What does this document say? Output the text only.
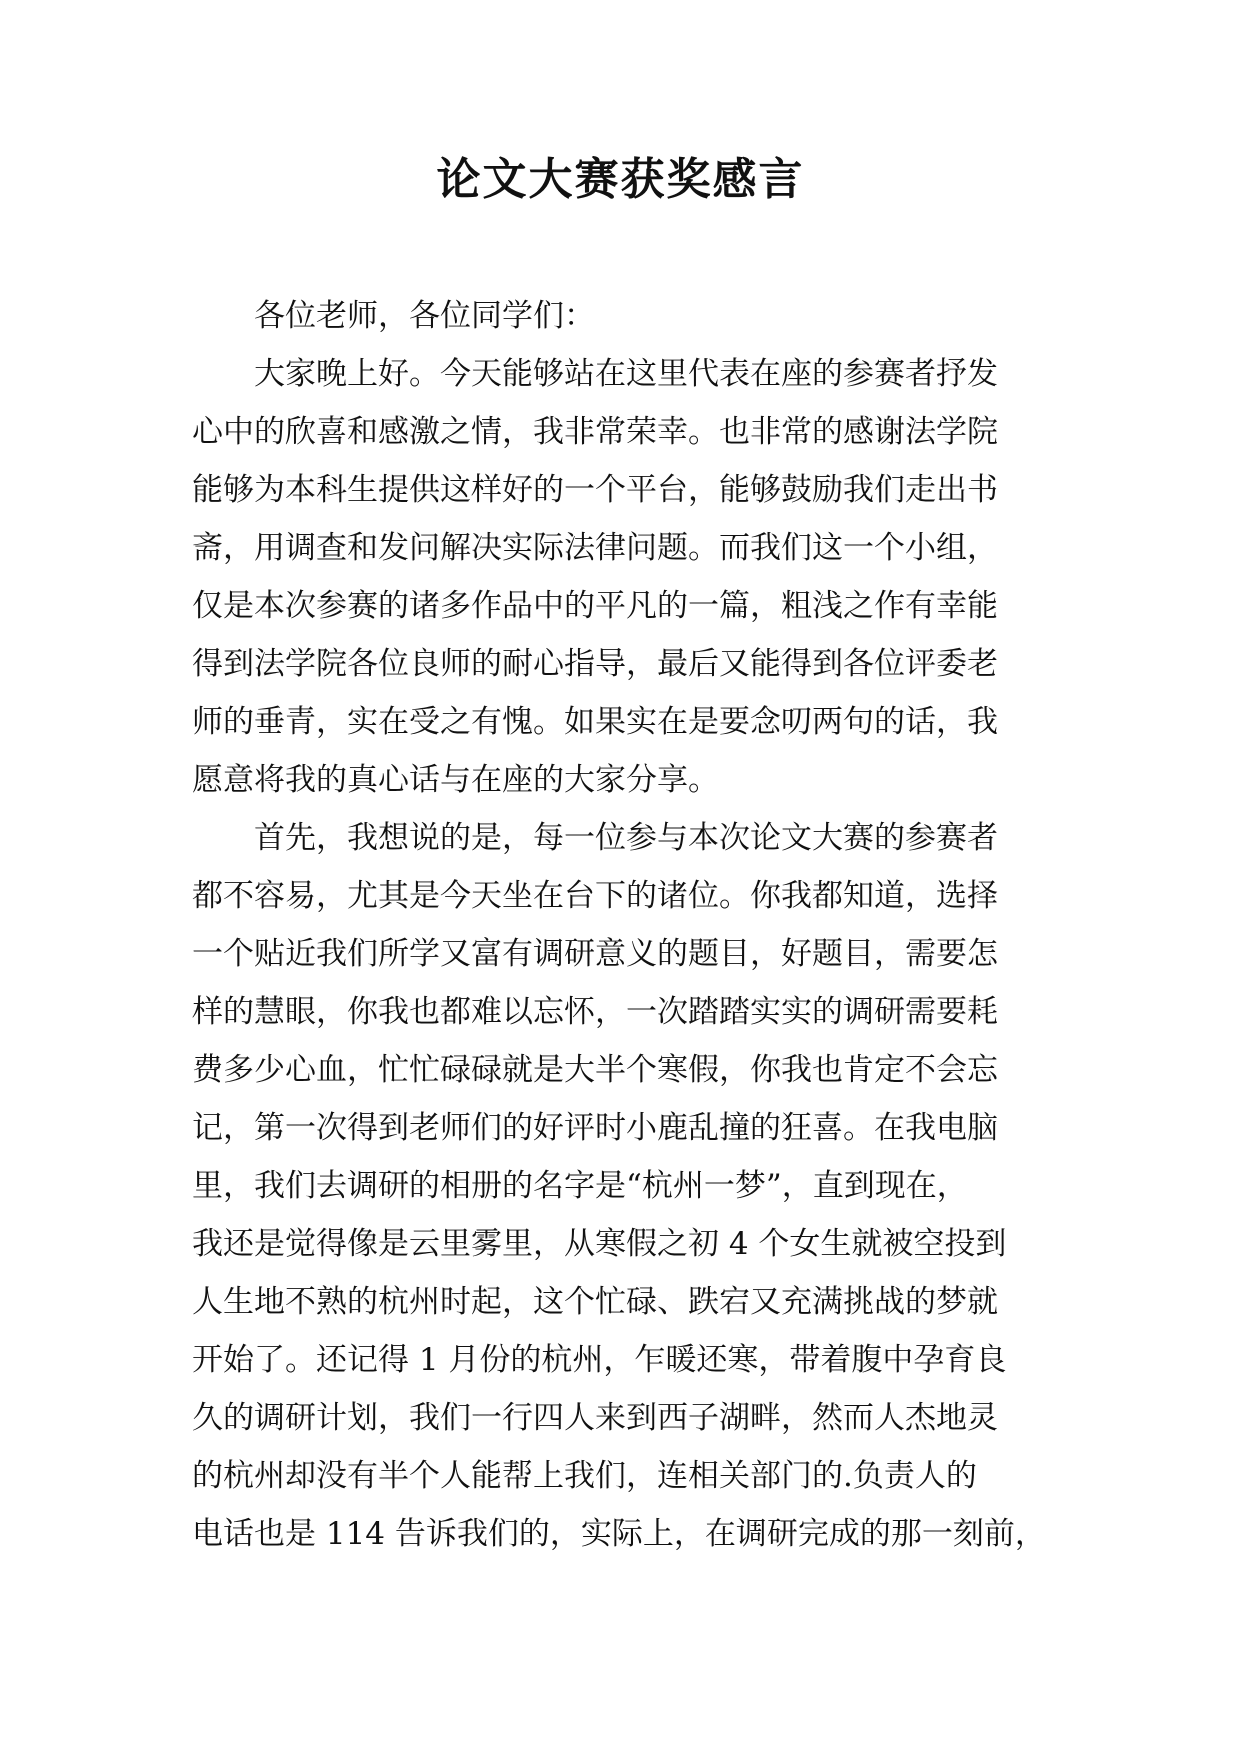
论文大赛获奖感言
各位老师，各位同学们：
大家晚上好。今天能够站在这里代表在座的参赛者抒发
心中的欣喜和感激之情，我非常荣幸。也非常的感谢法学院
能够为本科生提供这样好的一个平台，能够鼓励我们走出书
斋，用调查和发问解决实际法律问题。而我们这一个小组，
仅是本次参赛的诸多作品中的平凡的一篇，粗浅之作有幸能
得到法学院各位良师的耐心指导，最后又能得到各位评委老
师的垂青，实在受之有愧。如果实在是要念叨两句的话，我
愿意将我的真心话与在座的大家分享。
首先，我想说的是，每一位参与本次论文大赛的参赛者
都不容易，尤其是今天坐在台下的诸位。你我都知道，选择
一个贴近我们所学又富有调研意义的题目，好题目，需要怎
样的慧眼，你我也都难以忘怀，一次踏踏实实的调研需要耗
费多少心血，忙忙碌碌就是大半个寒假，你我也肯定不会忘
记，第一次得到老师们的好评时小鹿乱撞的狂喜。在我电脑
里，我们去调研的相册的名字是“杭州一梦”，直到现在，
我还是觉得像是云里雾里，从寒假之初 4 个女生就被空投到
人生地不熟的杭州时起，这个忙碌、跌宕又充满挑战的梦就
开始了。还记得 1 月份的杭州，乍暖还寒，带着腹中孕育良
久的调研计划，我们一行四人来到西子湖畔，然而人杰地灵
的杭州却没有半个人能帮上我们，连相关部门的.负责人的
电话也是 114 告诉我们的，实际上，在调研完成的那一刻前，
